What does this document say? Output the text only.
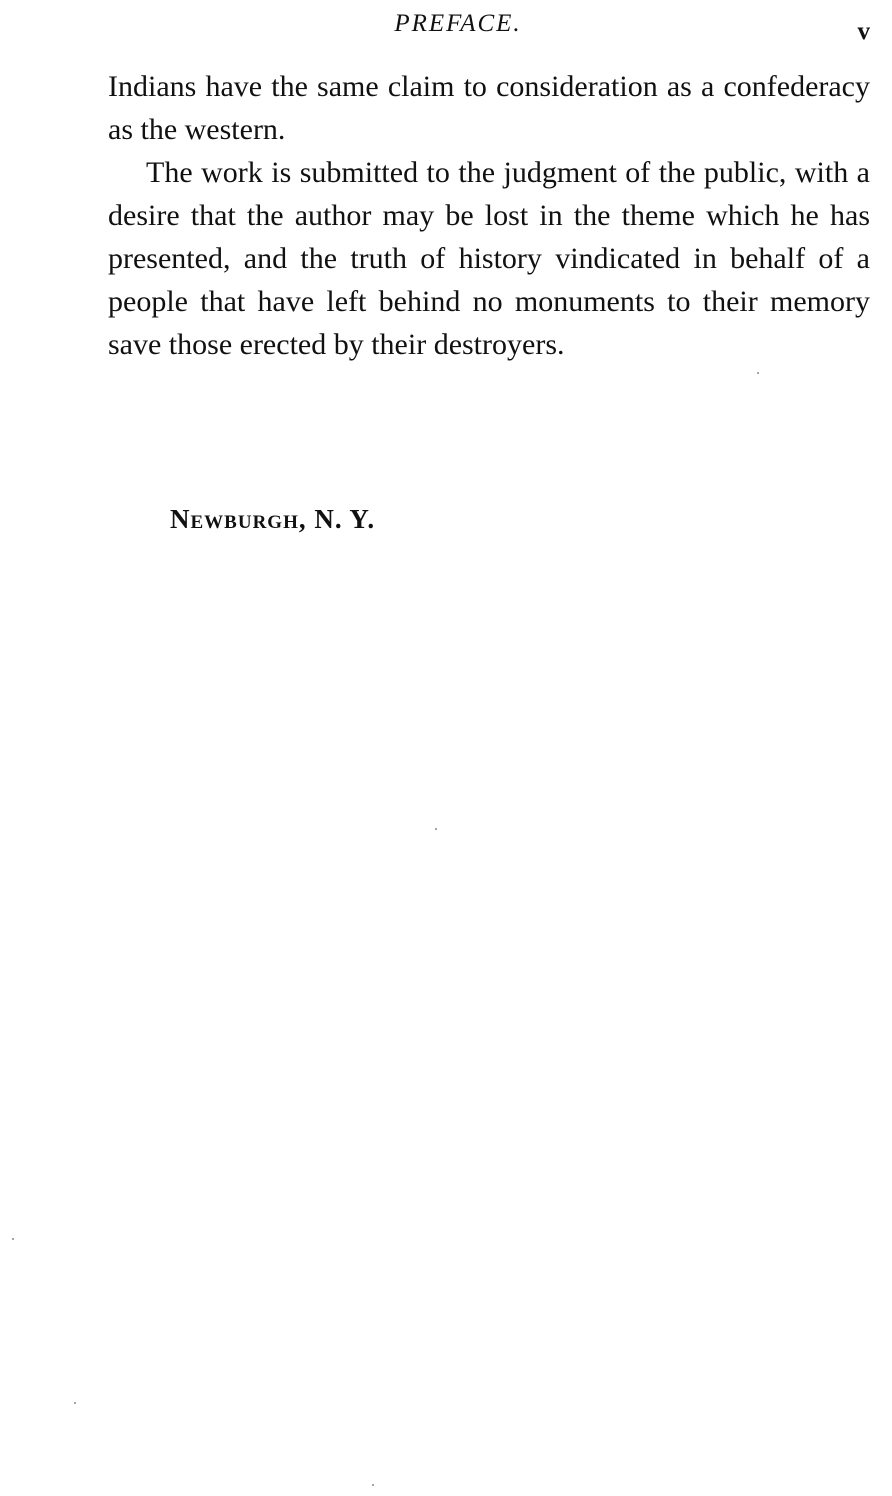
PREFACE.	v

Indians have the same claim to consideration as a confederacy as the western.

The work is submitted to the judgment of the public, with a desire that the author may be lost in the theme which he has presented, and the truth of history vindicated in behalf of a people that have left behind no monuments to their memory save those erected by their destroyers.

Newburgh, N. Y.
